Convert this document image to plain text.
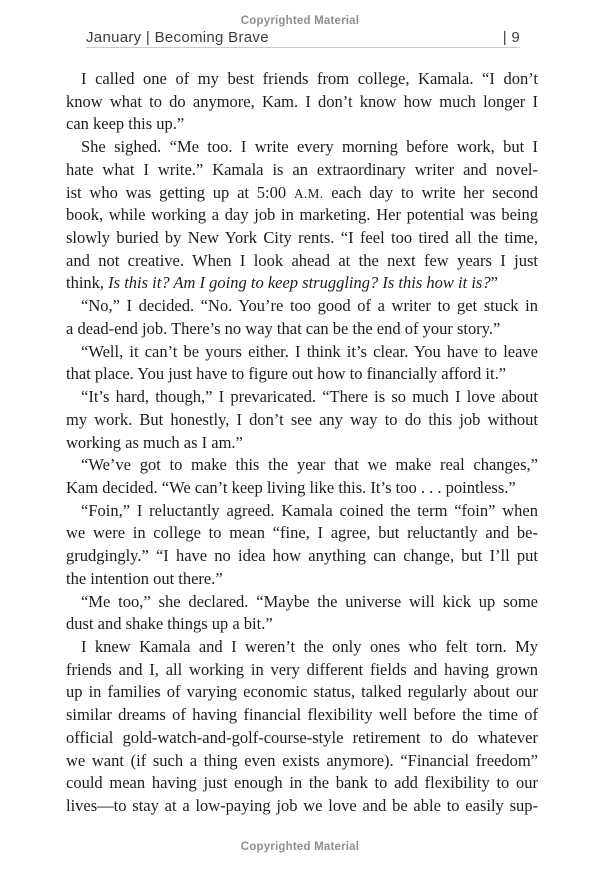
Copyrighted Material
January | Becoming Brave	| 9
I called one of my best friends from college, Kamala. “I don’t
know what to do anymore, Kam. I don’t know how much longer I
can keep this up.”
She sighed. “Me too. I write every morning before work, but I
hate what I write.” Kamala is an extraordinary writer and novel-
ist who was getting up at 5:00 A.M. each day to write her second
book, while working a day job in marketing. Her potential was being
slowly buried by New York City rents. “I feel too tired all the time,
and not creative. When I look ahead at the next few years I just
think, Is this it? Am I going to keep struggling? Is this how it is?”
“No,” I decided. “No. You’re too good of a writer to get stuck in
a dead-end job. There’s no way that can be the end of your story.”
“Well, it can’t be yours either. I think it’s clear. You have to leave
that place. You just have to figure out how to financially afford it.”
“It’s hard, though,” I prevaricated. “There is so much I love about
my work. But honestly, I don’t see any way to do this job without
working as much as I am.”
“We’ve got to make this the year that we make real changes,”
Kam decided. “We can’t keep living like this. It’s too . . . pointless.”
“Foin,” I reluctantly agreed. Kamala coined the term “foin” when
we were in college to mean “fine, I agree, but reluctantly and be-
grudgingly.” “I have no idea how anything can change, but I’ll put
the intention out there.”
“Me too,” she declared. “Maybe the universe will kick up some
dust and shake things up a bit.”
I knew Kamala and I weren’t the only ones who felt torn. My
friends and I, all working in very different fields and having grown
up in families of varying economic status, talked regularly about our
similar dreams of having financial flexibility well before the time of
official gold-watch-and-golf-course-style retirement to do whatever
we want (if such a thing even exists anymore). “Financial freedom”
could mean having just enough in the bank to add flexibility to our
lives—to stay at a low-paying job we love and be able to easily sup-
Copyrighted Material
